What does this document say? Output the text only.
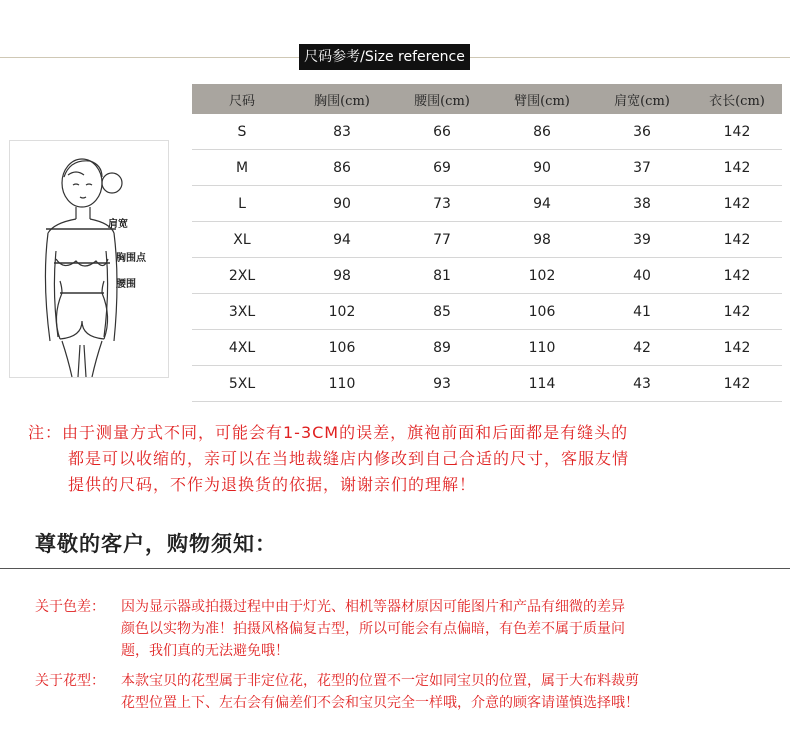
尺码参考/Size reference
肩宽
胸围点
腰围
尺码	胸围(cm)	腰围(cm)	臂围(cm)	肩宽(cm)	衣长(cm)
S	83	66	86	36	142
M	86	69	90	37	142
L	90	73	94	38	142
XL	94	77	98	39	142
2XL	98	81	102	40	142
3XL	102	85	106	41	142
4XL	106	89	110	42	142
5XL	110	93	114	43	142
注：由于测量方式不同，可能会有1-3CM的误差，旗袍前面和后面都是有缝头的
都是可以收缩的，亲可以在当地裁缝店内修改到自己合适的尺寸，客服友情
提供的尺码，不作为退换货的依据，谢谢亲们的理解！
尊敬的客户，购物须知：
关于色差： 因为显示器或拍摄过程中由于灯光、相机等器材原因可能图片和产品有细微的差异
颜色以实物为准！拍摄风格偏复古型，所以可能会有点偏暗，有色差不属于质量问
题，我们真的无法避免哦！
关于花型： 本款宝贝的花型属于非定位花，花型的位置不一定如同宝贝的位置，属于大布料裁剪
花型位置上下、左右会有偏差们不会和宝贝完全一样哦，介意的顾客请谨慎选择哦！
